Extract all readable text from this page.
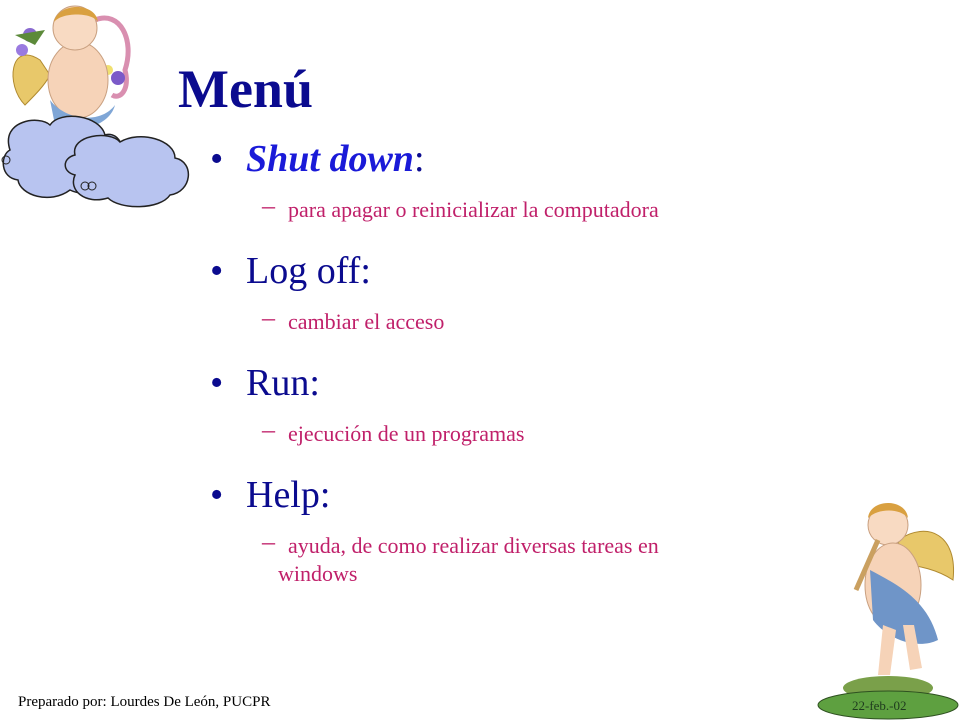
Menú
• Shut down:
– para apagar o reinicializar la computadora
• Log off:
– cambiar el acceso
• Run:
– ejecución de un programas
• Help:
– ayuda, de como realizar diversas tareas en
windows
Preparado por: Lourdes De León, PUCPR	22-feb.-02
